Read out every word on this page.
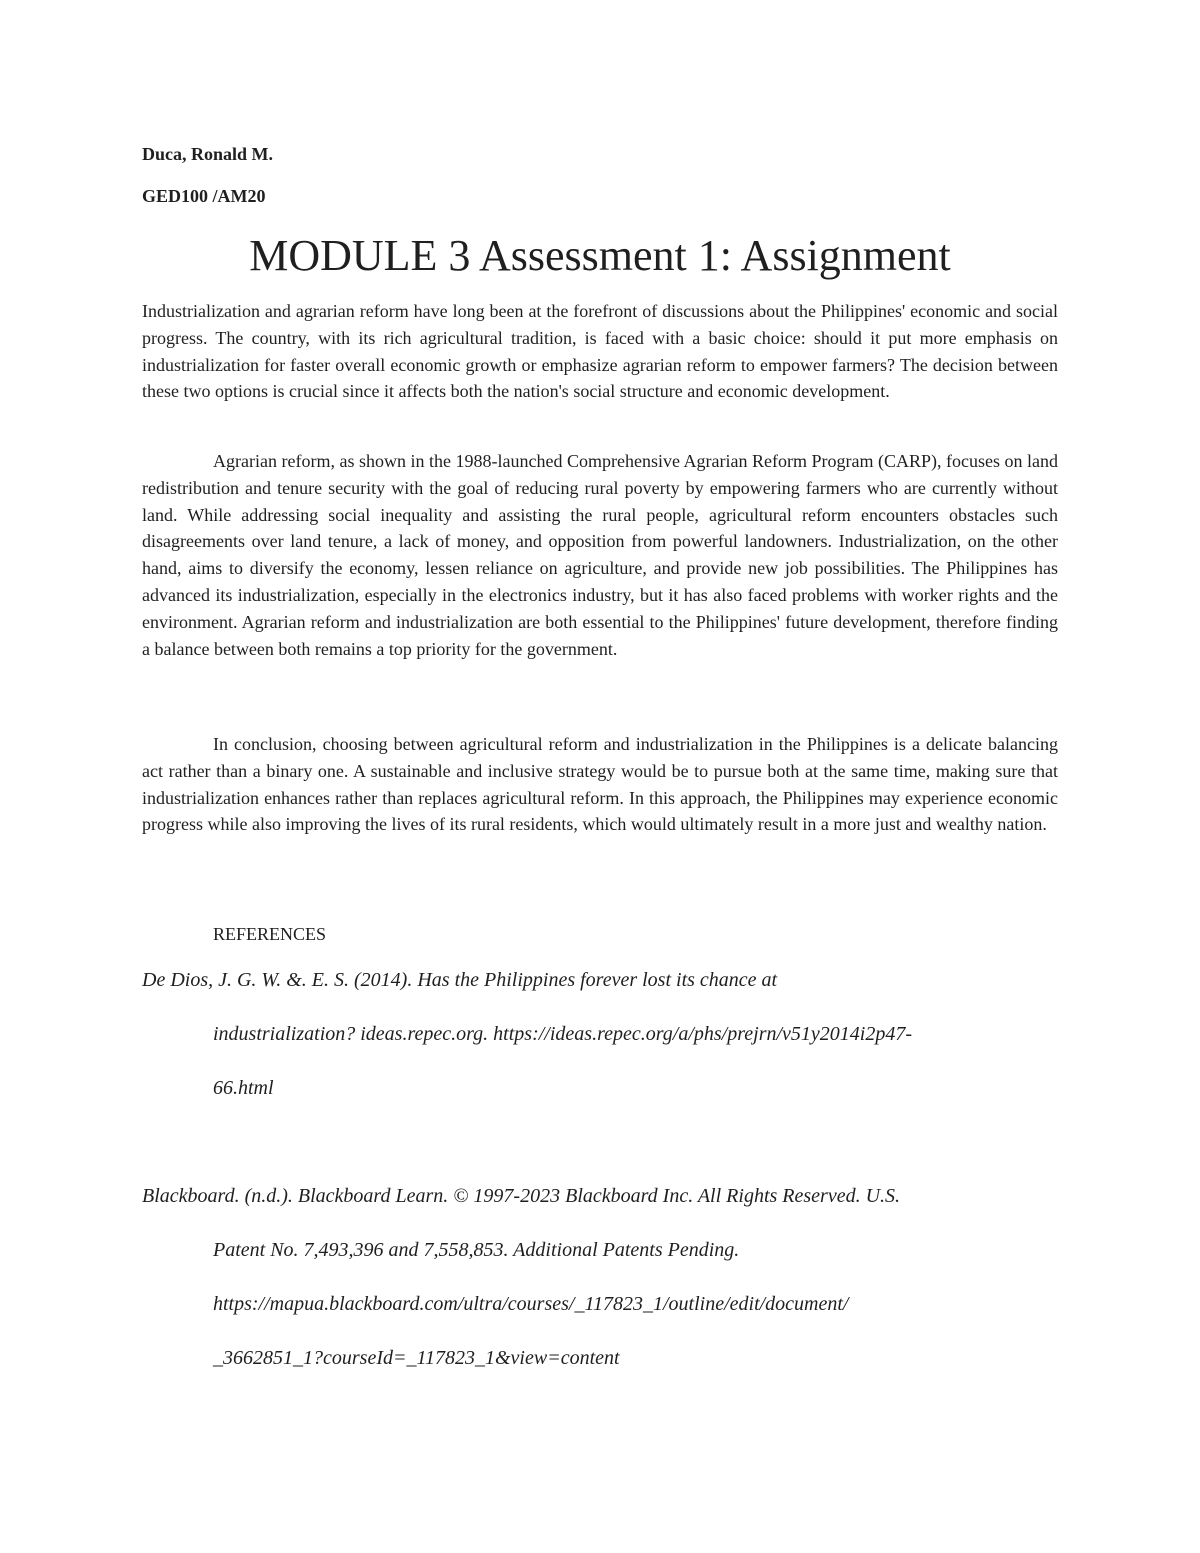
Duca, Ronald M.

GED100 /AM20

MODULE 3 Assessment 1: Assignment

Industrialization and agrarian reform have long been at the forefront of discussions about the Philippines' economic and social progress. The country, with its rich agricultural tradition, is faced with a basic choice: should it put more emphasis on industrialization for faster overall economic growth or emphasize agrarian reform to empower farmers? The decision between these two options is crucial since it affects both the nation's social structure and economic development.

Agrarian reform, as shown in the 1988-launched Comprehensive Agrarian Reform Program (CARP), focuses on land redistribution and tenure security with the goal of reducing rural poverty by empowering farmers who are currently without land. While addressing social inequality and assisting the rural people, agricultural reform encounters obstacles such disagreements over land tenure, a lack of money, and opposition from powerful landowners. Industrialization, on the other hand, aims to diversify the economy, lessen reliance on agriculture, and provide new job possibilities. The Philippines has advanced its industrialization, especially in the electronics industry, but it has also faced problems with worker rights and the environment. Agrarian reform and industrialization are both essential to the Philippines' future development, therefore finding a balance between both remains a top priority for the government.

In conclusion, choosing between agricultural reform and industrialization in the Philippines is a delicate balancing act rather than a binary one. A sustainable and inclusive strategy would be to pursue both at the same time, making sure that industrialization enhances rather than replaces agricultural reform. In this approach, the Philippines may experience economic progress while also improving the lives of its rural residents, which would ultimately result in a more just and wealthy nation.

REFERENCES

De Dios, J. G. W. &. E. S. (2014). Has the Philippines forever lost its chance at
industrialization? ideas.repec.org. https://ideas.repec.org/a/phs/prejrn/v51y2014i2p47-
66.html
Blackboard. (n.d.). Blackboard Learn. © 1997-2023 Blackboard Inc. All Rights Reserved. U.S.
Patent No. 7,493,396 and 7,558,853. Additional Patents Pending.
https://mapua.blackboard.com/ultra/courses/_117823_1/outline/edit/document/
_3662851_1?courseId=_117823_1&view=content
